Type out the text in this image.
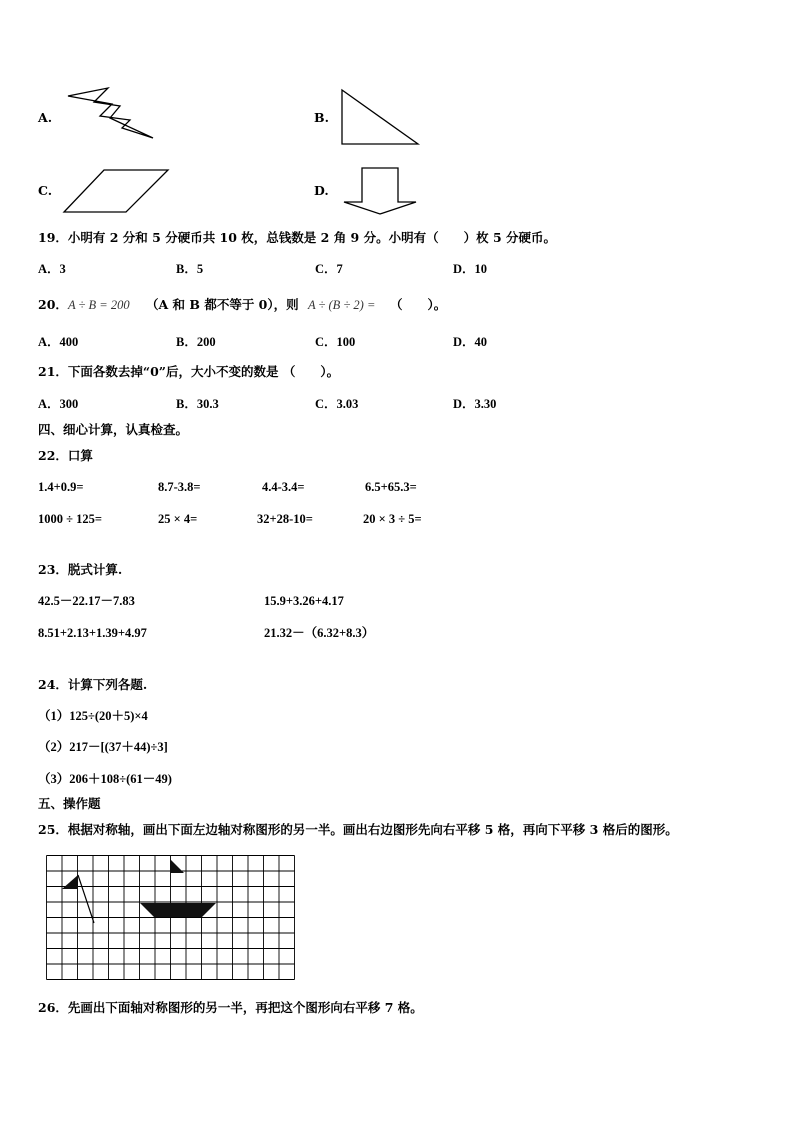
A.	B.
C.	D.
19．小明有 2 分和 5 分硬币共 10 枚，总钱数是 2 角 9 分。小明有（　　）枚 5 分硬币。
A．3	B．5	C．7	D．10
20． A ÷ B = 200 （A 和 B 都不等于 0），则 A ÷ (B ÷ 2) = （　　）。
A．400	B．200	C．100	D．40
21．下面各数去掉“0”后，大小不变的数是 （　　）。
A．300	B．30.3	C．3.03	D．3.30
四、细心计算，认真检查。
22．口算
1.4+0.9=	8.7-3.8=	4.4-3.4=	6.5+65.3=
1000 ÷ 125=	25 × 4=	32+28-10=	20 × 3 ÷ 5=
23．脱式计算.
42.5－22.17－7.83	15.9+3.26+4.17
8.51+2.13+1.39+4.97	21.32－（6.32+8.3）
24．计算下列各题.
（1）125÷(20＋5)×4
（2）217－[(37＋44)÷3]
（3）206＋108÷(61－49)
五、操作题
25．根据对称轴，画出下面左边轴对称图形的另一半。画出右边图形先向右平移 5 格，再向下平移 3 格后的图形。
26．先画出下面轴对称图形的另一半，再把这个图形向右平移 7 格。
